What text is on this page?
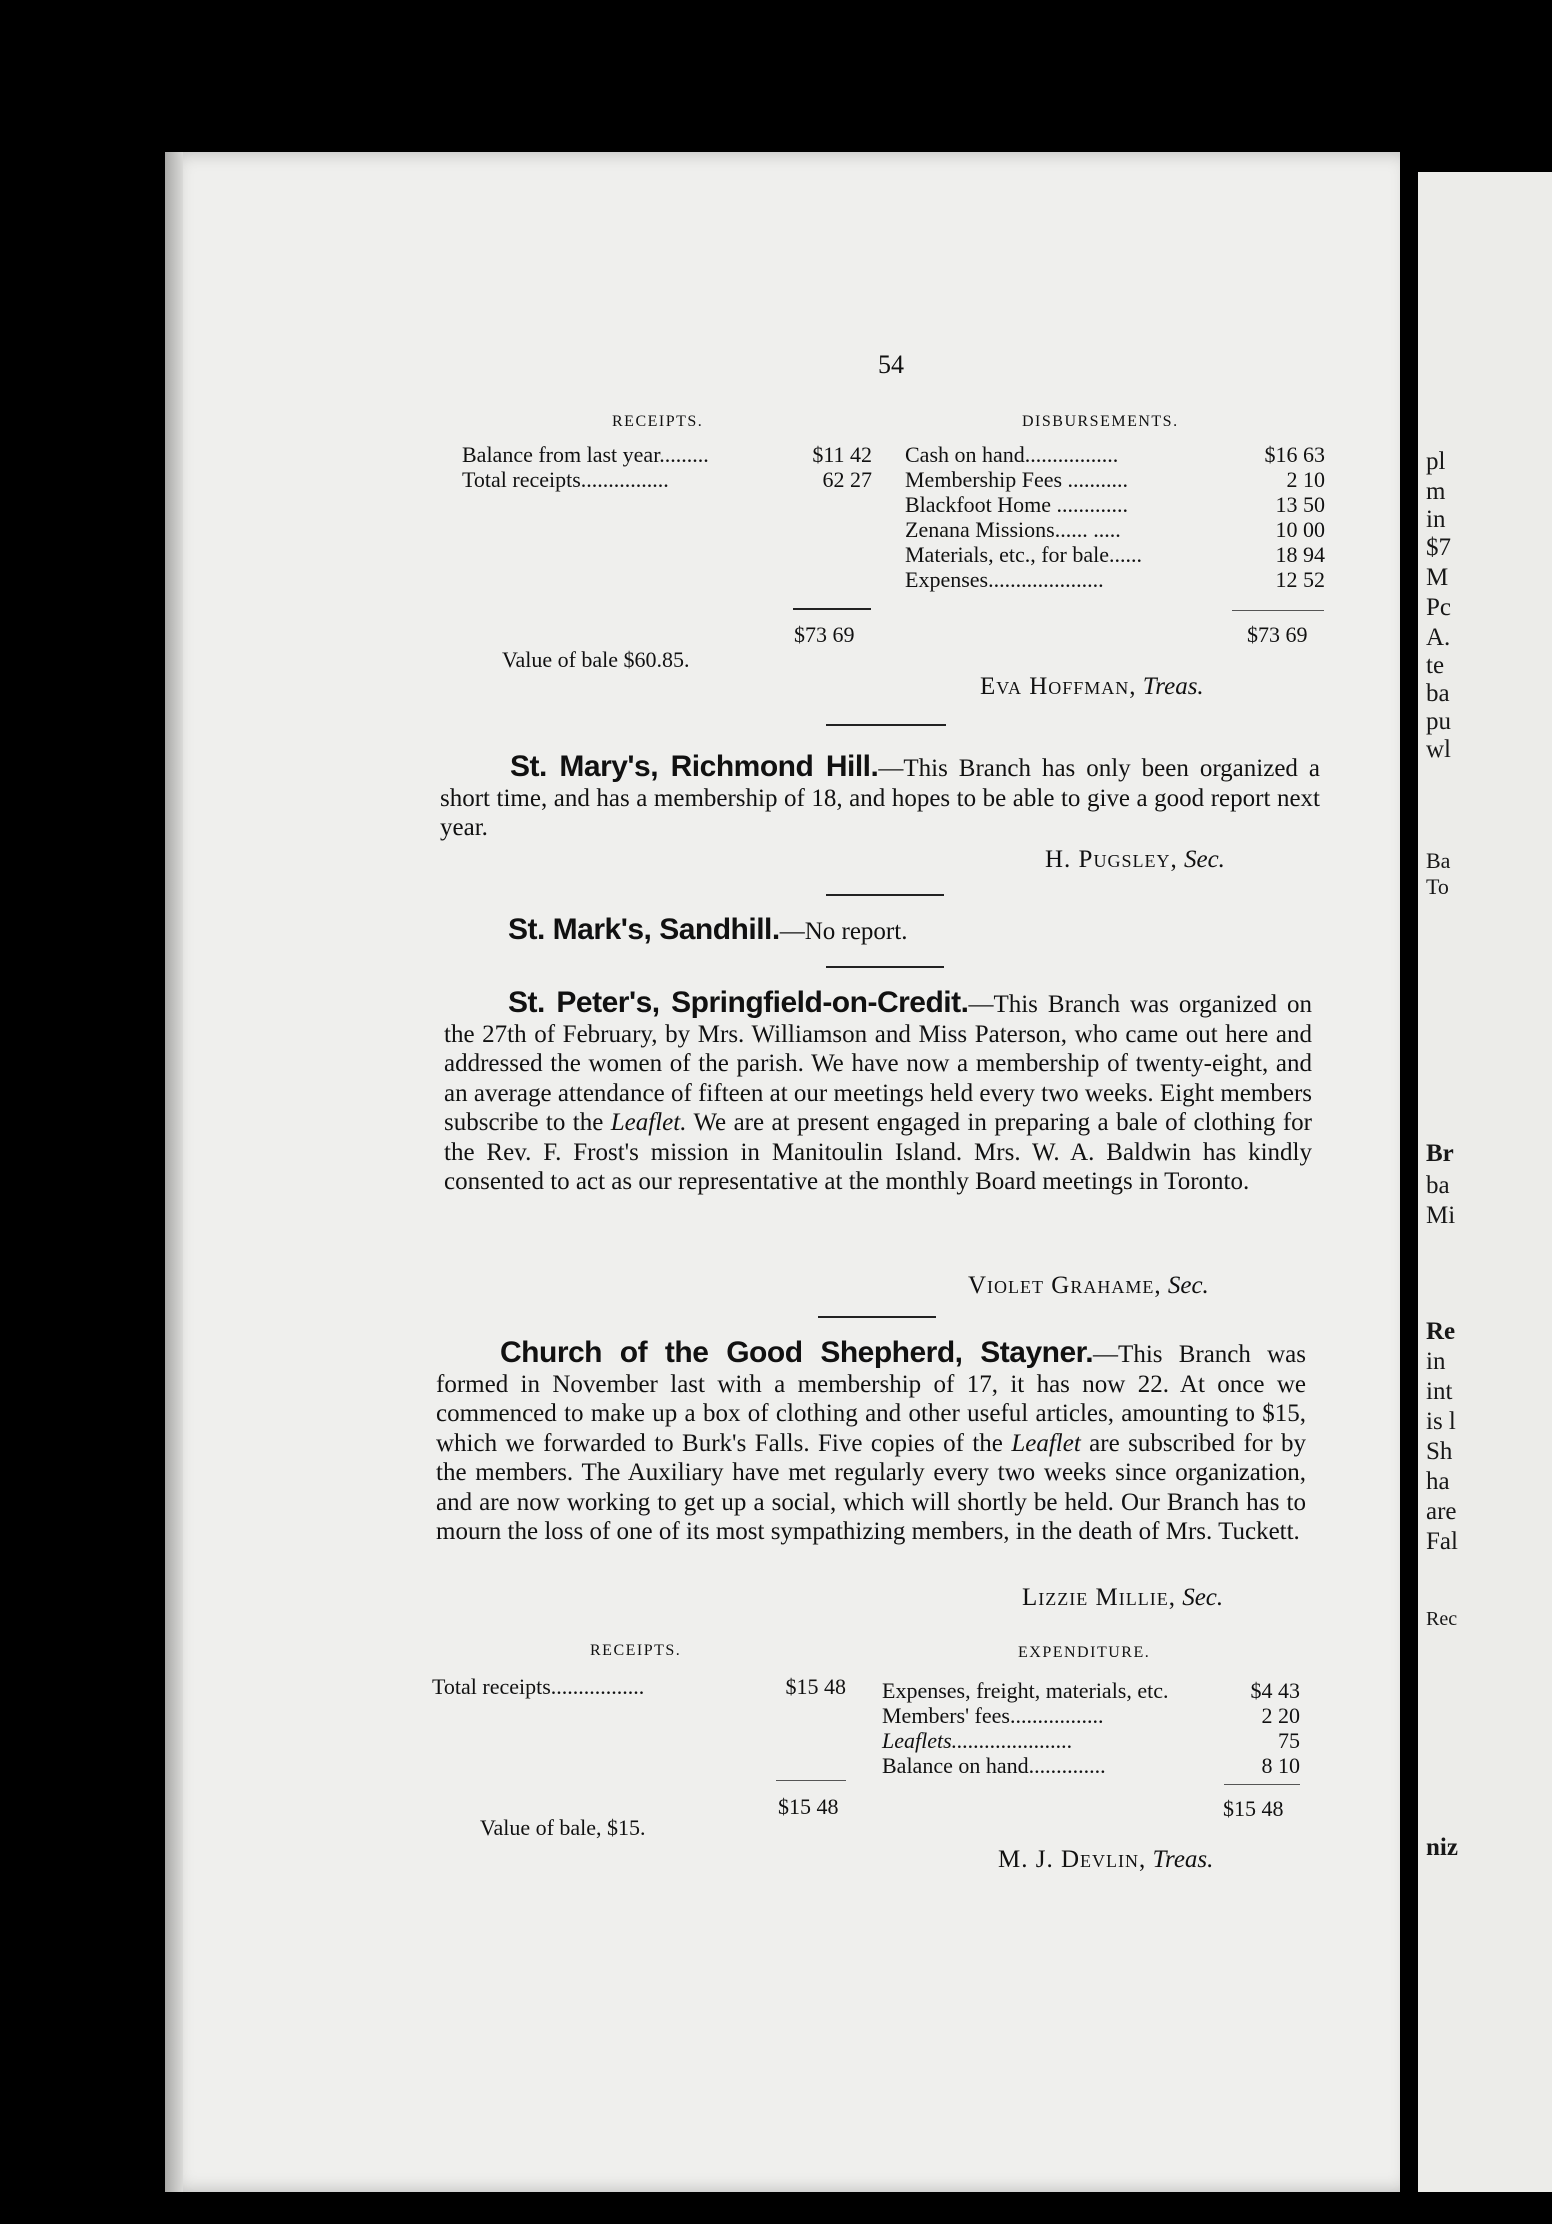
pl
m
in
$7
M
Pc
A.
te
ba
pu
wl
Ba
To
Br
ba
Mi
Re
in
int
is l
Sh
ha
are
Fal
Rec
niz
54
RECEIPTS.
Balance from last year.........	$11 42
Total receipts................	62 27
$73 69
Value of bale $60.85.
DISBURSEMENTS.
Cash on hand.................	$16 63
Membership Fees ...........	2 10
Blackfoot Home .............	13 50
Zenana Missions...... .....	10 00
Materials, etc., for bale......	18 94
Expenses.....................	12 52
$73 69
Eva Hoffman, Treas.
St. Mary's, Richmond Hill.—This Branch has only been organized a short time, and has a membership of 18, and hopes to be able to give a good report next year.
H. Pugsley, Sec.
St. Mark's, Sandhill.—No report.
St. Peter's, Springfield-on-Credit.—This Branch was organized on the 27th of February, by Mrs. Williamson and Miss Paterson, who came out here and addressed the women of the parish. We have now a membership of twenty-eight, and an average attendance of fifteen at our meetings held every two weeks. Eight members subscribe to the Leaflet. We are at present engaged in preparing a bale of clothing for the Rev. F. Frost's mission in Manitoulin Island. Mrs. W. A. Baldwin has kindly consented to act as our representative at the monthly Board meetings in Toronto.
Violet Grahame, Sec.
Church of the Good Shepherd, Stayner.—This Branch was formed in November last with a membership of 17, it has now 22. At once we commenced to make up a box of clothing and other useful articles, amounting to $15, which we forwarded to Burk's Falls. Five copies of the Leaflet are subscribed for by the members. The Auxiliary have met regularly every two weeks since organization, and are now working to get up a social, which will shortly be held. Our Branch has to mourn the loss of one of its most sympathizing members, in the death of Mrs. Tuckett.
Lizzie Millie, Sec.
RECEIPTS.
Total receipts.................	$15 48
$15 48
Value of bale, $15.
EXPENDITURE.
Expenses, freight, materials, etc.	$4 43
Members' fees.................	2 20
Leaflets......................	75
Balance on hand..............	8 10
$15 48
M. J. Devlin, Treas.
